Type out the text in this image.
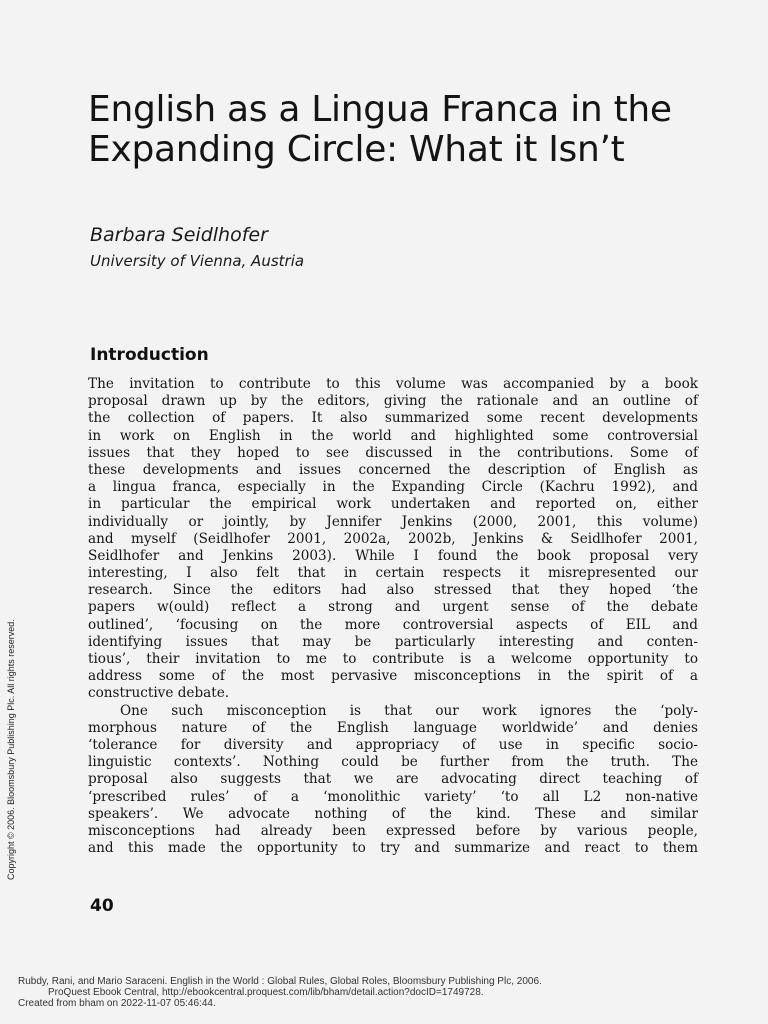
English as a Lingua Franca in the Expanding Circle: What it Isn’t
Barbara Seidlhofer
University of Vienna, Austria
Introduction
The invitation to contribute to this volume was accompanied by a book
proposal drawn up by the editors, giving the rationale and an outline of
the collection of papers. It also summarized some recent developments
in work on English in the world and highlighted some controversial
issues that they hoped to see discussed in the contributions. Some of
these developments and issues concerned the description of English as
a lingua franca, especially in the Expanding Circle (Kachru 1992), and
in particular the empirical work undertaken and reported on, either
individually or jointly, by Jennifer Jenkins (2000, 2001, this volume)
and myself (Seidlhofer 2001, 2002a, 2002b, Jenkins & Seidlhofer 2001,
Seidlhofer and Jenkins 2003). While I found the book proposal very
interesting, I also felt that in certain respects it misrepresented our
research. Since the editors had also stressed that they hoped ‘the
papers w(ould) reflect a strong and urgent sense of the debate
outlined’, ‘focusing on the more controversial aspects of EIL and
identifying issues that may be particularly interesting and conten-
tious’, their invitation to me to contribute is a welcome opportunity to
address some of the most pervasive misconceptions in the spirit of a
constructive debate.
One such misconception is that our work ignores the ‘poly-
morphous nature of the English language worldwide’ and denies
‘tolerance for diversity and appropriacy of use in specific socio-
linguistic contexts’. Nothing could be further from the truth. The
proposal also suggests that we are advocating direct teaching of
‘prescribed rules’ of a ‘monolithic variety’ ‘to all L2 non-native
speakers’. We advocate nothing of the kind. These and similar
misconceptions had already been expressed before by various people,
and this made the opportunity to try and summarize and react to them
40
Copyright © 2006. Bloomsbury Publishing Plc. All rights reserved.
Rubdy, Rani, and Mario Saraceni. English in the World : Global Rules, Global Roles, Bloomsbury Publishing Plc, 2006.
ProQuest Ebook Central, http://ebookcentral.proquest.com/lib/bham/detail.action?docID=1749728.
Created from bham on 2022-11-07 05:46:44.
